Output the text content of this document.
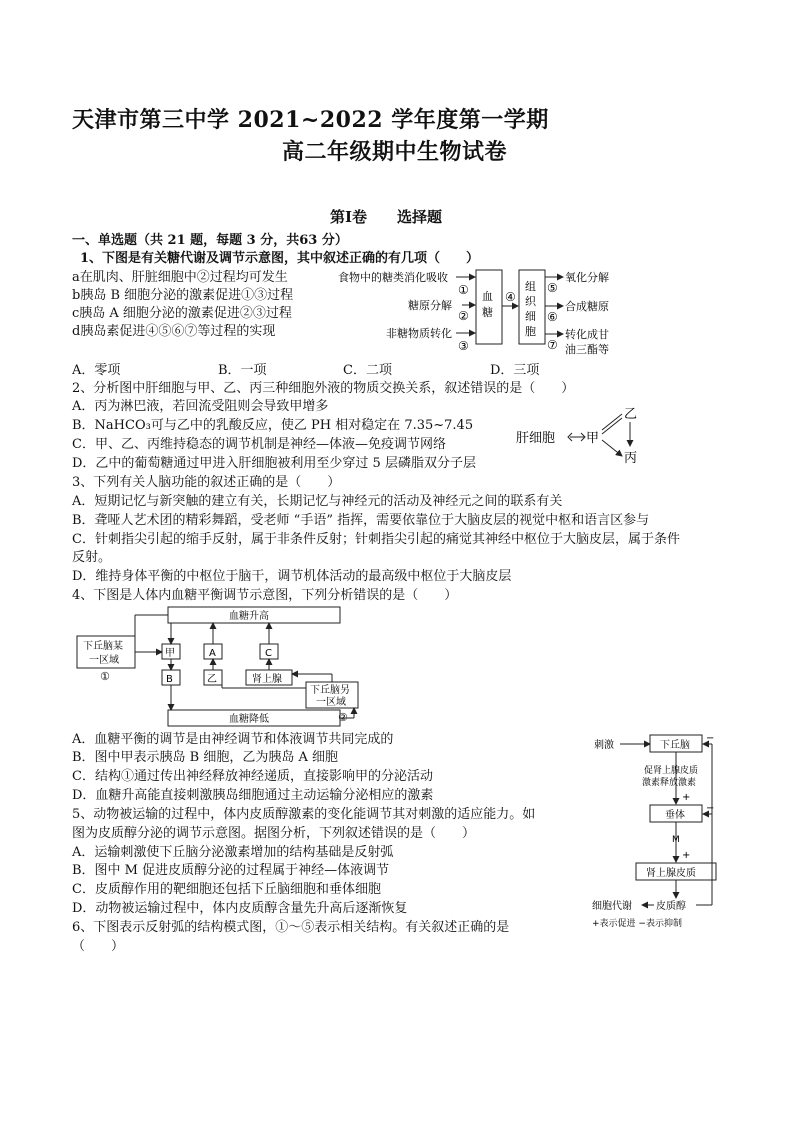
天津市第三中学 2021~2022 学年度第一学期
高二年级期中生物试卷
第Ⅰ卷　　选择题
一、单选题（共 21 题，每题 3 分，共63 分）
1、下图是有关糖代谢及调节示意图，其中叙述正确的有几项（　　）
a在肌肉、肝脏细胞中②过程均可发生
b胰岛 B 细胞分泌的激素促进①③过程
c胰岛 A 细胞分泌的激素促进②③过程
d胰岛素促进④⑤⑥⑦等过程的实现
食物中的糖类消化吸收
糖原分解
非糖物质转化
①
②
③
血
糖
④
组
织
细
胞
⑤
⑥
⑦
氧化分解
合成糖原
转化成甘
油三酯等
A．零项	B．一项	C．二项	D．三项
2、分析图中肝细胞与甲、乙、丙三种细胞外液的物质交换关系，叙述错误的是（　　）
A．丙为淋巴液，若回流受阻则会导致甲增多
B．NaHCO₃可与乙中的乳酸反应，使乙 PH 相对稳定在 7.35~7.45
C．甲、乙、丙维持稳态的调节机制是神经—体液—免疫调节网络
D．乙中的葡萄糖通过甲进入肝细胞被利用至少穿过 5 层磷脂双分子层
肝细胞 甲
乙
丙
3、下列有关人脑功能的叙述正确的是（　　）
A．短期记忆与新突触的建立有关，长期记忆与神经元的活动及神经元之间的联系有关
B．聋哑人艺术团的精彩舞蹈，受老师 “手语” 指挥，需要依靠位于大脑皮层的视觉中枢和语言区参与
C．针刺指尖引起的缩手反射，属于非条件反射；针刺指尖引起的痛觉其神经中枢位于大脑皮层，属于条件
反射。
D．维持身体平衡的中枢位于脑干，调节机体活动的最高级中枢位于大脑皮层
4、下图是人体内血糖平衡调节示意图，下列分析错误的是（　　）
血糖升高
血糖降低
下丘脑某
一区域
①
甲	A	C
B	乙	肾上腺
下丘脑另
一区域
②
A．血糖平衡的调节是由神经调节和体液调节共同完成的
B．图中甲表示胰岛 B 细胞，乙为胰岛 A 细胞
C．结构①通过传出神经释放神经递质，直接影响甲的分泌活动
D．血糖升高能直接刺激胰岛细胞通过主动运输分泌相应的激素
5、动物被运输的过程中，体内皮质醇激素的变化能调节其对刺激的适应能力。如
图为皮质醇分泌的调节示意图。据图分析，下列叙述错误的是（　　）
A．运输刺激使下丘脑分泌激素增加的结构基础是反射弧
B．图中 M 促进皮质醇分泌的过程属于神经—体液调节
C．皮质醇作用的靶细胞还包括下丘脑细胞和垂体细胞
D．动物被运输过程中，体内皮质醇含量先升高后逐渐恢复
刺激	下丘脑
促肾上腺皮质
激素释放激素
+
垂体
M
+
肾上腺皮质
皮质醇
细胞代谢
−
−
+表示促进 −表示抑制
6、下图表示反射弧的结构模式图，①～⑤表示相关结构。有关叙述正确的是
（　　）
